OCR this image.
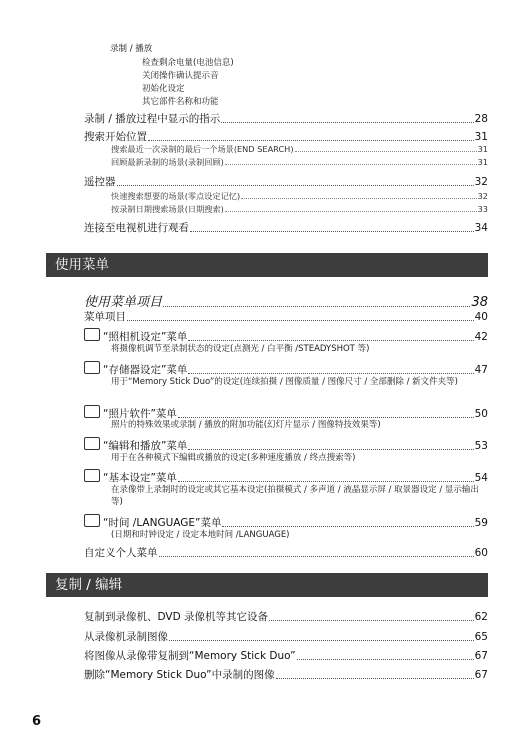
录制 / 播放
检查剩余电量(电池信息)
关闭操作确认提示音
初始化设定
其它部件名称和功能
录制 / 播放过程中显示的指示	28
搜索开始位置	31
搜索最近一次录制的最后一个场景(END SEARCH)	31
回顾最新录制的场景(录制回顾)	31
遥控器	32
快速搜索想要的场景(零点设定记忆)	32
按录制日期搜索场景(日期搜索)	33
连接至电视机进行观看	34
使用菜单
使用菜单项目	38
菜单项目	40
“照相机设定”菜单	42
将摄像机调节至录制状态的设定(点测光 / 白平衡 /STEADYSHOT 等)
“存储器设定”菜单	47
用于“Memory Stick Duo”的设定(连续拍摄 / 图像质量 / 图像尺寸 / 全部删除 / 新文件夹等)
“照片软件”菜单	50
照片的特殊效果或录制 / 播放的附加功能(幻灯片显示 / 图像特技效果等)
“编辑和播放”菜单	53
用于在各种模式下编辑或播放的设定(多种速度播放 / 终点搜索等)
“基本设定”菜单	54
在录像带上录制时的设定或其它基本设定(拍摄模式 / 多声道 / 液晶显示屏 / 取景器设定 / 显示输出等)
“时间 /LANGUAGE”菜单	59
(日期和时钟设定 / 设定本地时间 /LANGUAGE)
自定义个人菜单	60
复制 / 编辑
复制到录像机、DVD 录像机等其它设备	62
从录像机录制图像	65
将图像从录像带复制到“Memory Stick Duo”	67
删除“Memory Stick Duo”中录制的图像	67
6
